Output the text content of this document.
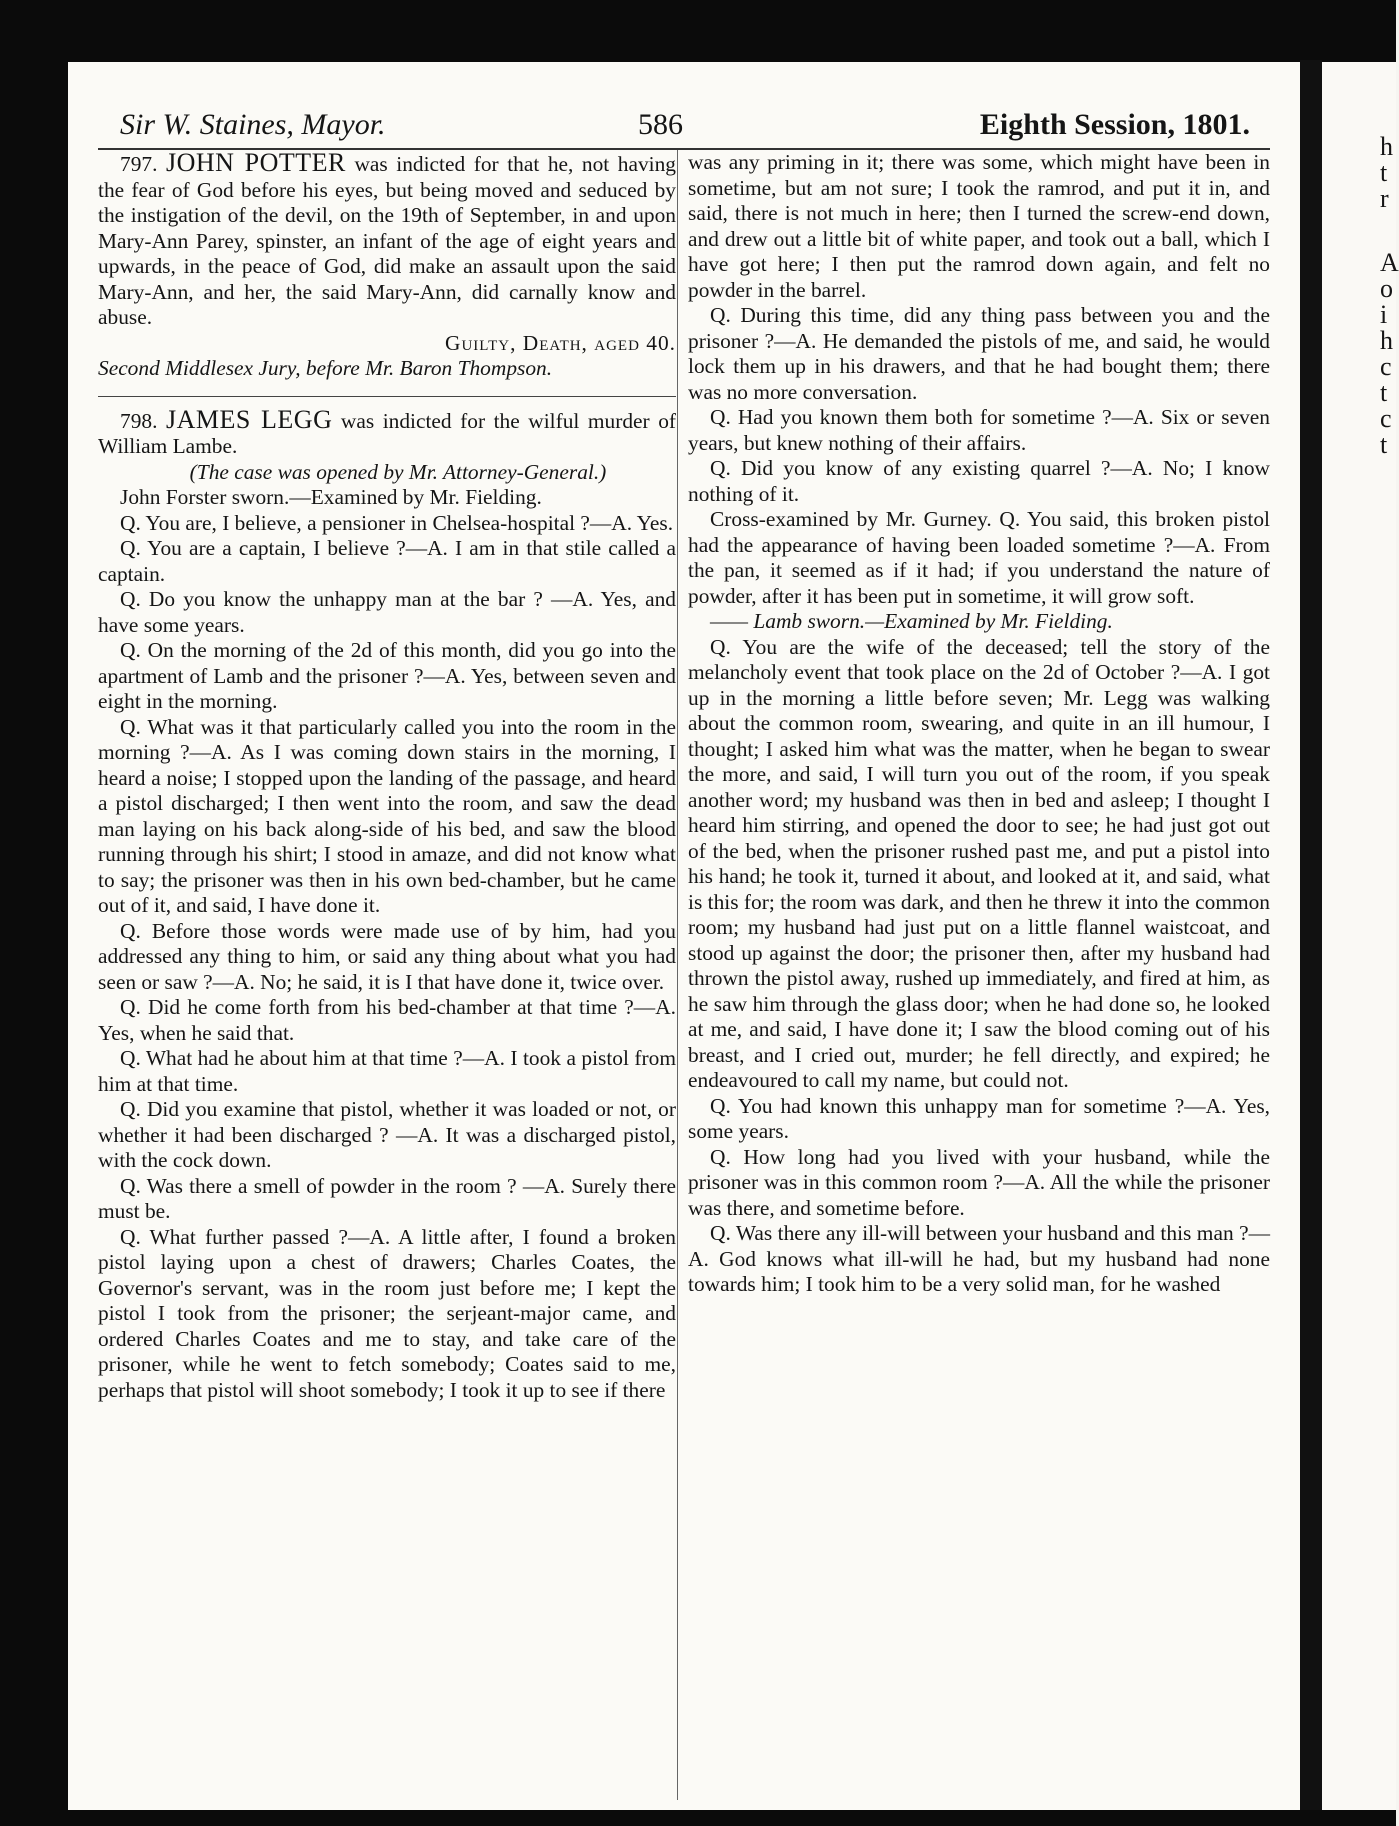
h
t
r
A
o
i
h
c
t
c
t
Sir W. Staines, Mayor.	586	Eighth Session, 1801.

797. JOHN POTTER was indicted for that he, not having the fear of God before his eyes, but being moved and seduced by the instigation of the devil, on the 19th of September, in and upon Mary-Ann Parey, spinster, an infant of the age of eight years and upwards, in the peace of God, did make an assault upon the said Mary-Ann, and her, the said Mary-Ann, did carnally know and abuse.

Guilty, Death, aged 40.

Second Middlesex Jury, before Mr. Baron Thompson.

798. JAMES LEGG was indicted for the wilful murder of William Lambe.

(The case was opened by Mr. Attorney-General.)

John Forster sworn.—Examined by Mr. Fielding.

Q. You are, I believe, a pensioner in Chelsea-hospital ?—A. Yes.

Q. You are a captain, I believe ?—A. I am in that stile called a captain.

Q. Do you know the unhappy man at the bar ? —A. Yes, and have some years.

Q. On the morning of the 2d of this month, did you go into the apartment of Lamb and the prisoner ?—A. Yes, between seven and eight in the morning.

Q. What was it that particularly called you into the room in the morning ?—A. As I was coming down stairs in the morning, I heard a noise; I stopped upon the landing of the passage, and heard a pistol discharged; I then went into the room, and saw the dead man laying on his back along-side of his bed, and saw the blood running through his shirt; I stood in amaze, and did not know what to say; the prisoner was then in his own bed-chamber, but he came out of it, and said, I have done it.

Q. Before those words were made use of by him, had you addressed any thing to him, or said any thing about what you had seen or saw ?—A. No; he said, it is I that have done it, twice over.

Q. Did he come forth from his bed-chamber at that time ?—A. Yes, when he said that.

Q. What had he about him at that time ?—A. I took a pistol from him at that time.

Q. Did you examine that pistol, whether it was loaded or not, or whether it had been discharged ? —A. It was a discharged pistol, with the cock down.

Q. Was there a smell of powder in the room ? —A. Surely there must be.

Q. What further passed ?—A. A little after, I found a broken pistol laying upon a chest of drawers; Charles Coates, the Governor's servant, was in the room just before me; I kept the pistol I took from the prisoner; the serjeant-major came, and ordered Charles Coates and me to stay, and take care of the prisoner, while he went to fetch somebody; Coates said to me, perhaps that pistol will shoot somebody; I took it up to see if there

was any priming in it; there was some, which might have been in sometime, but am not sure; I took the ramrod, and put it in, and said, there is not much in here; then I turned the screw-end down, and drew out a little bit of white paper, and took out a ball, which I have got here; I then put the ramrod down again, and felt no powder in the barrel.

Q. During this time, did any thing pass between you and the prisoner ?—A. He demanded the pistols of me, and said, he would lock them up in his drawers, and that he had bought them; there was no more conversation.

Q. Had you known them both for sometime ?—A. Six or seven years, but knew nothing of their affairs.

Q. Did you know of any existing quarrel ?—A. No; I know nothing of it.

Cross-examined by Mr. Gurney. Q. You said, this broken pistol had the appearance of having been loaded sometime ?—A. From the pan, it seemed as if it had; if you understand the nature of powder, after it has been put in sometime, it will grow soft.

—— Lamb sworn.—Examined by Mr. Fielding.

Q. You are the wife of the deceased; tell the story of the melancholy event that took place on the 2d of October ?—A. I got up in the morning a little before seven; Mr. Legg was walking about the common room, swearing, and quite in an ill humour, I thought; I asked him what was the matter, when he began to swear the more, and said, I will turn you out of the room, if you speak another word; my husband was then in bed and asleep; I thought I heard him stirring, and opened the door to see; he had just got out of the bed, when the prisoner rushed past me, and put a pistol into his hand; he took it, turned it about, and looked at it, and said, what is this for; the room was dark, and then he threw it into the common room; my husband had just put on a little flannel waistcoat, and stood up against the door; the prisoner then, after my husband had thrown the pistol away, rushed up immediately, and fired at him, as he saw him through the glass door; when he had done so, he looked at me, and said, I have done it; I saw the blood coming out of his breast, and I cried out, murder; he fell directly, and expired; he endeavoured to call my name, but could not.

Q. You had known this unhappy man for sometime ?—A. Yes, some years.

Q. How long had you lived with your husband, while the prisoner was in this common room ?—A. All the while the prisoner was there, and sometime before.

Q. Was there any ill-will between your husband and this man ?—A. God knows what ill-will he had, but my husband had none towards him; I took him to be a very solid man, for he washed
